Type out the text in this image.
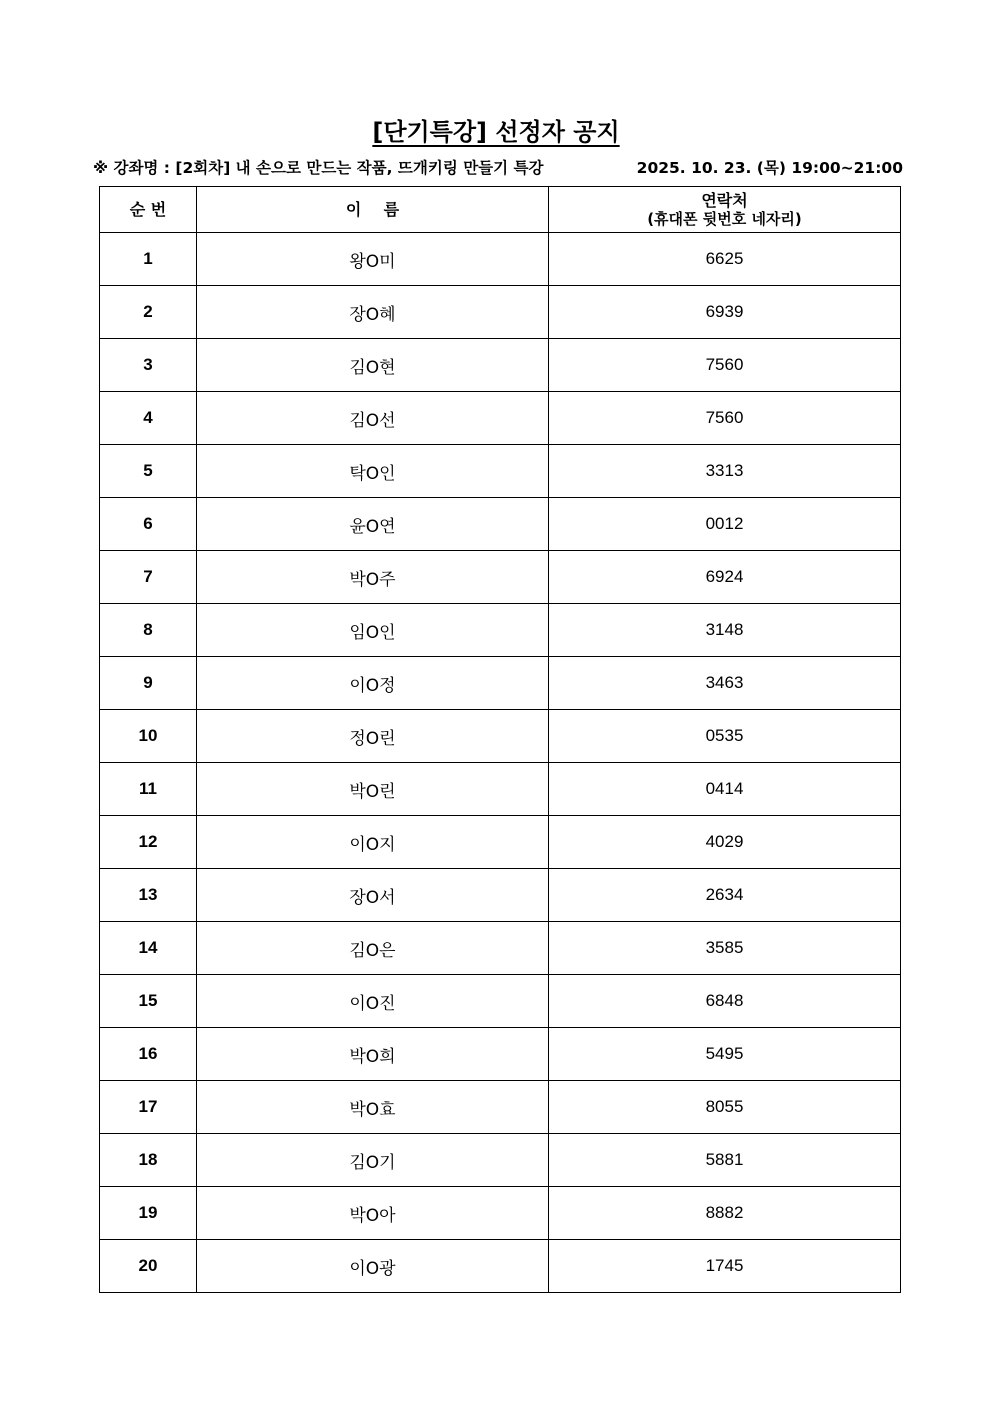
[단기특강] 선정자 공지
※ 강좌명 : [2회차] 내 손으로 만드는 작품, 뜨개키링 만들기 특강	2025. 10. 23. (목) 19:00~21:00
순 번	이    름	연락처
(휴대폰 뒷번호 네자리)

1	왕O미	6625
2	장O혜	6939
3	김O현	7560
4	김O선	7560
5	탁O인	3313
6	윤O연	0012
7	박O주	6924
8	임O인	3148
9	이O정	3463
10	정O린	0535
11	박O린	0414
12	이O지	4029
13	장O서	2634
14	김O은	3585
15	이O진	6848
16	박O희	5495
17	박O효	8055
18	김O기	5881
19	박O아	8882
20	이O광	1745
